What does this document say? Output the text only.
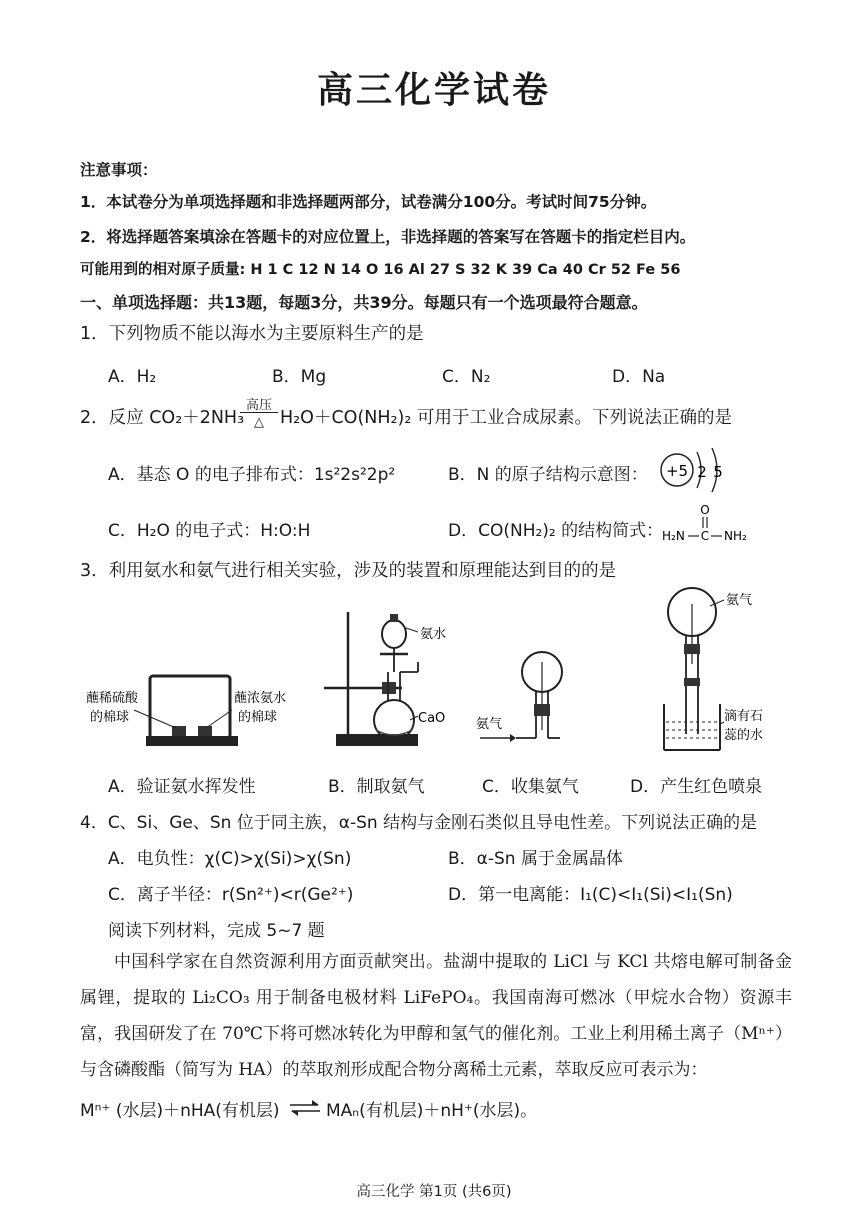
高三化学试卷
注意事项：
1．本试卷分为单项选择题和非选择题两部分，试卷满分100分。考试时间75分钟。
2．将选择题答案填涂在答题卡的对应位置上，非选择题的答案写在答题卡的指定栏目内。
可能用到的相对原子质量: H 1 C 12 N 14 O 16 Al 27 S 32 K 39 Ca 40 Cr 52 Fe 56
一、单项选择题：共13题，每题3分，共39分。每题只有一个选项最符合题意。
1．下列物质不能以海水为主要原料生产的是
A．H₂	B．Mg	C．N₂	D．Na
2．反应 CO₂＋2NH₃
高压
△ H₂O＋CO(NH₂)₂ 可用于工业合成尿素。下列说法正确的是
A．基态 O 的电子排布式：1s²2s²2p²	B．N 的原子结构示意图： +5 2 5
C．H₂O 的电子式：H:O:H	D．CO(NH₂)₂ 的结构简式：
O
H₂N C NH₂
3．利用氨水和氨气进行相关实验，涉及的装置和原理能达到目的的是
蘸稀硫酸
的棉球
蘸浓氨水
的棉球
氨水
CaO 氨气
氨气
滴有石
蕊的水
A．验证氨水挥发性	B．制取氨气	C．收集氨气	D．产生红色喷泉
4．C、Si、Ge、Sn 位于同主族，α-Sn 结构与金刚石类似且导电性差。下列说法正确的是
A．电负性：χ(C)>χ(Si)>χ(Sn)	B．α-Sn 属于金属晶体
C．离子半径：r(Sn²⁺)<r(Ge²⁺)	D．第一电离能：I₁(C)<I₁(Si)<I₁(Sn)
阅读下列材料，完成 5~7 题
中国科学家在自然资源利用方面贡献突出。盐湖中提取的 LiCl 与 KCl 共熔电解可制备金属锂，提取的 Li₂CO₃ 用于制备电极材料 LiFePO₄。我国南海可燃冰（甲烷水合物）资源丰富，我国研发了在 70℃下将可燃冰转化为甲醇和氢气的催化剂。工业上利用稀土离子（Mⁿ⁺）与含磷酸酯（简写为 HA）的萃取剂形成配合物分离稀土元素，萃取反应可表示为：
Mⁿ⁺ (水层)＋nHA(有机层) ⇌ MAₙ(有机层)＋nH⁺(水层)。
高三化学 第1页 (共6页)
